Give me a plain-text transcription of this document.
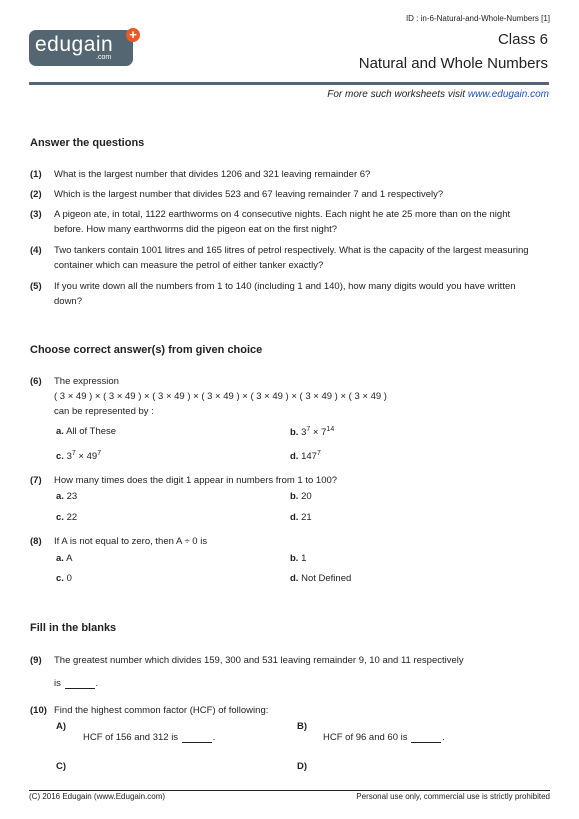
ID : in-6-Natural-and-Whole-Numbers [1]
Class 6
Natural and Whole Numbers
edugain
.com
+
For more such worksheets visit www.edugain.com
Answer the questions
(1) What is the largest number that divides 1206 and 321 leaving remainder 6?
(2) Which is the largest number that divides 523 and 67 leaving remainder 7 and 1 respectively?
(3) A pigeon ate, in total, 1122 earthworms on 4 consecutive nights. Each night he ate 25 more than on the night before. How many earthworms did the pigeon eat on the first night?
(4) Two tankers contain 1001 litres and 165 litres of petrol respectively. What is the capacity of the largest measuring container which can measure the petrol of either tanker exactly?
(5) If you write down all the numbers from 1 to 140 (including 1 and 140), how many digits would you have written down?
Choose correct answer(s) from given choice
(6) The expression
( 3 × 49 ) × ( 3 × 49 ) × ( 3 × 49 ) × ( 3 × 49 ) × ( 3 × 49 ) × ( 3 × 49 ) × ( 3 × 49 )
can be represented by :
a. All of These	b. $3^7 \times 7^{14}$
c. $3^7 \times 49^7$	d. $147^7$
(7) How many times does the digit 1 appear in numbers from 1 to 100?
a. 23	b. 20
c. 22	d. 21
(8) If A is not equal to zero, then A ÷ 0 is
a. A	b. 1
c. 0	d. Not Defined
Fill in the blanks
(9) The greatest number which divides 159, 300 and 531 leaving remainder 9, 10 and 11 respectively
is	.
(10) Find the highest common factor (HCF) of following:
A)
HCF of 156 and 312 is	.
B)
HCF of 96 and 60 is	.
C)	D)
(C) 2016 Edugain (www.Edugain.com)	Personal use only, commercial use is strictly prohibited
